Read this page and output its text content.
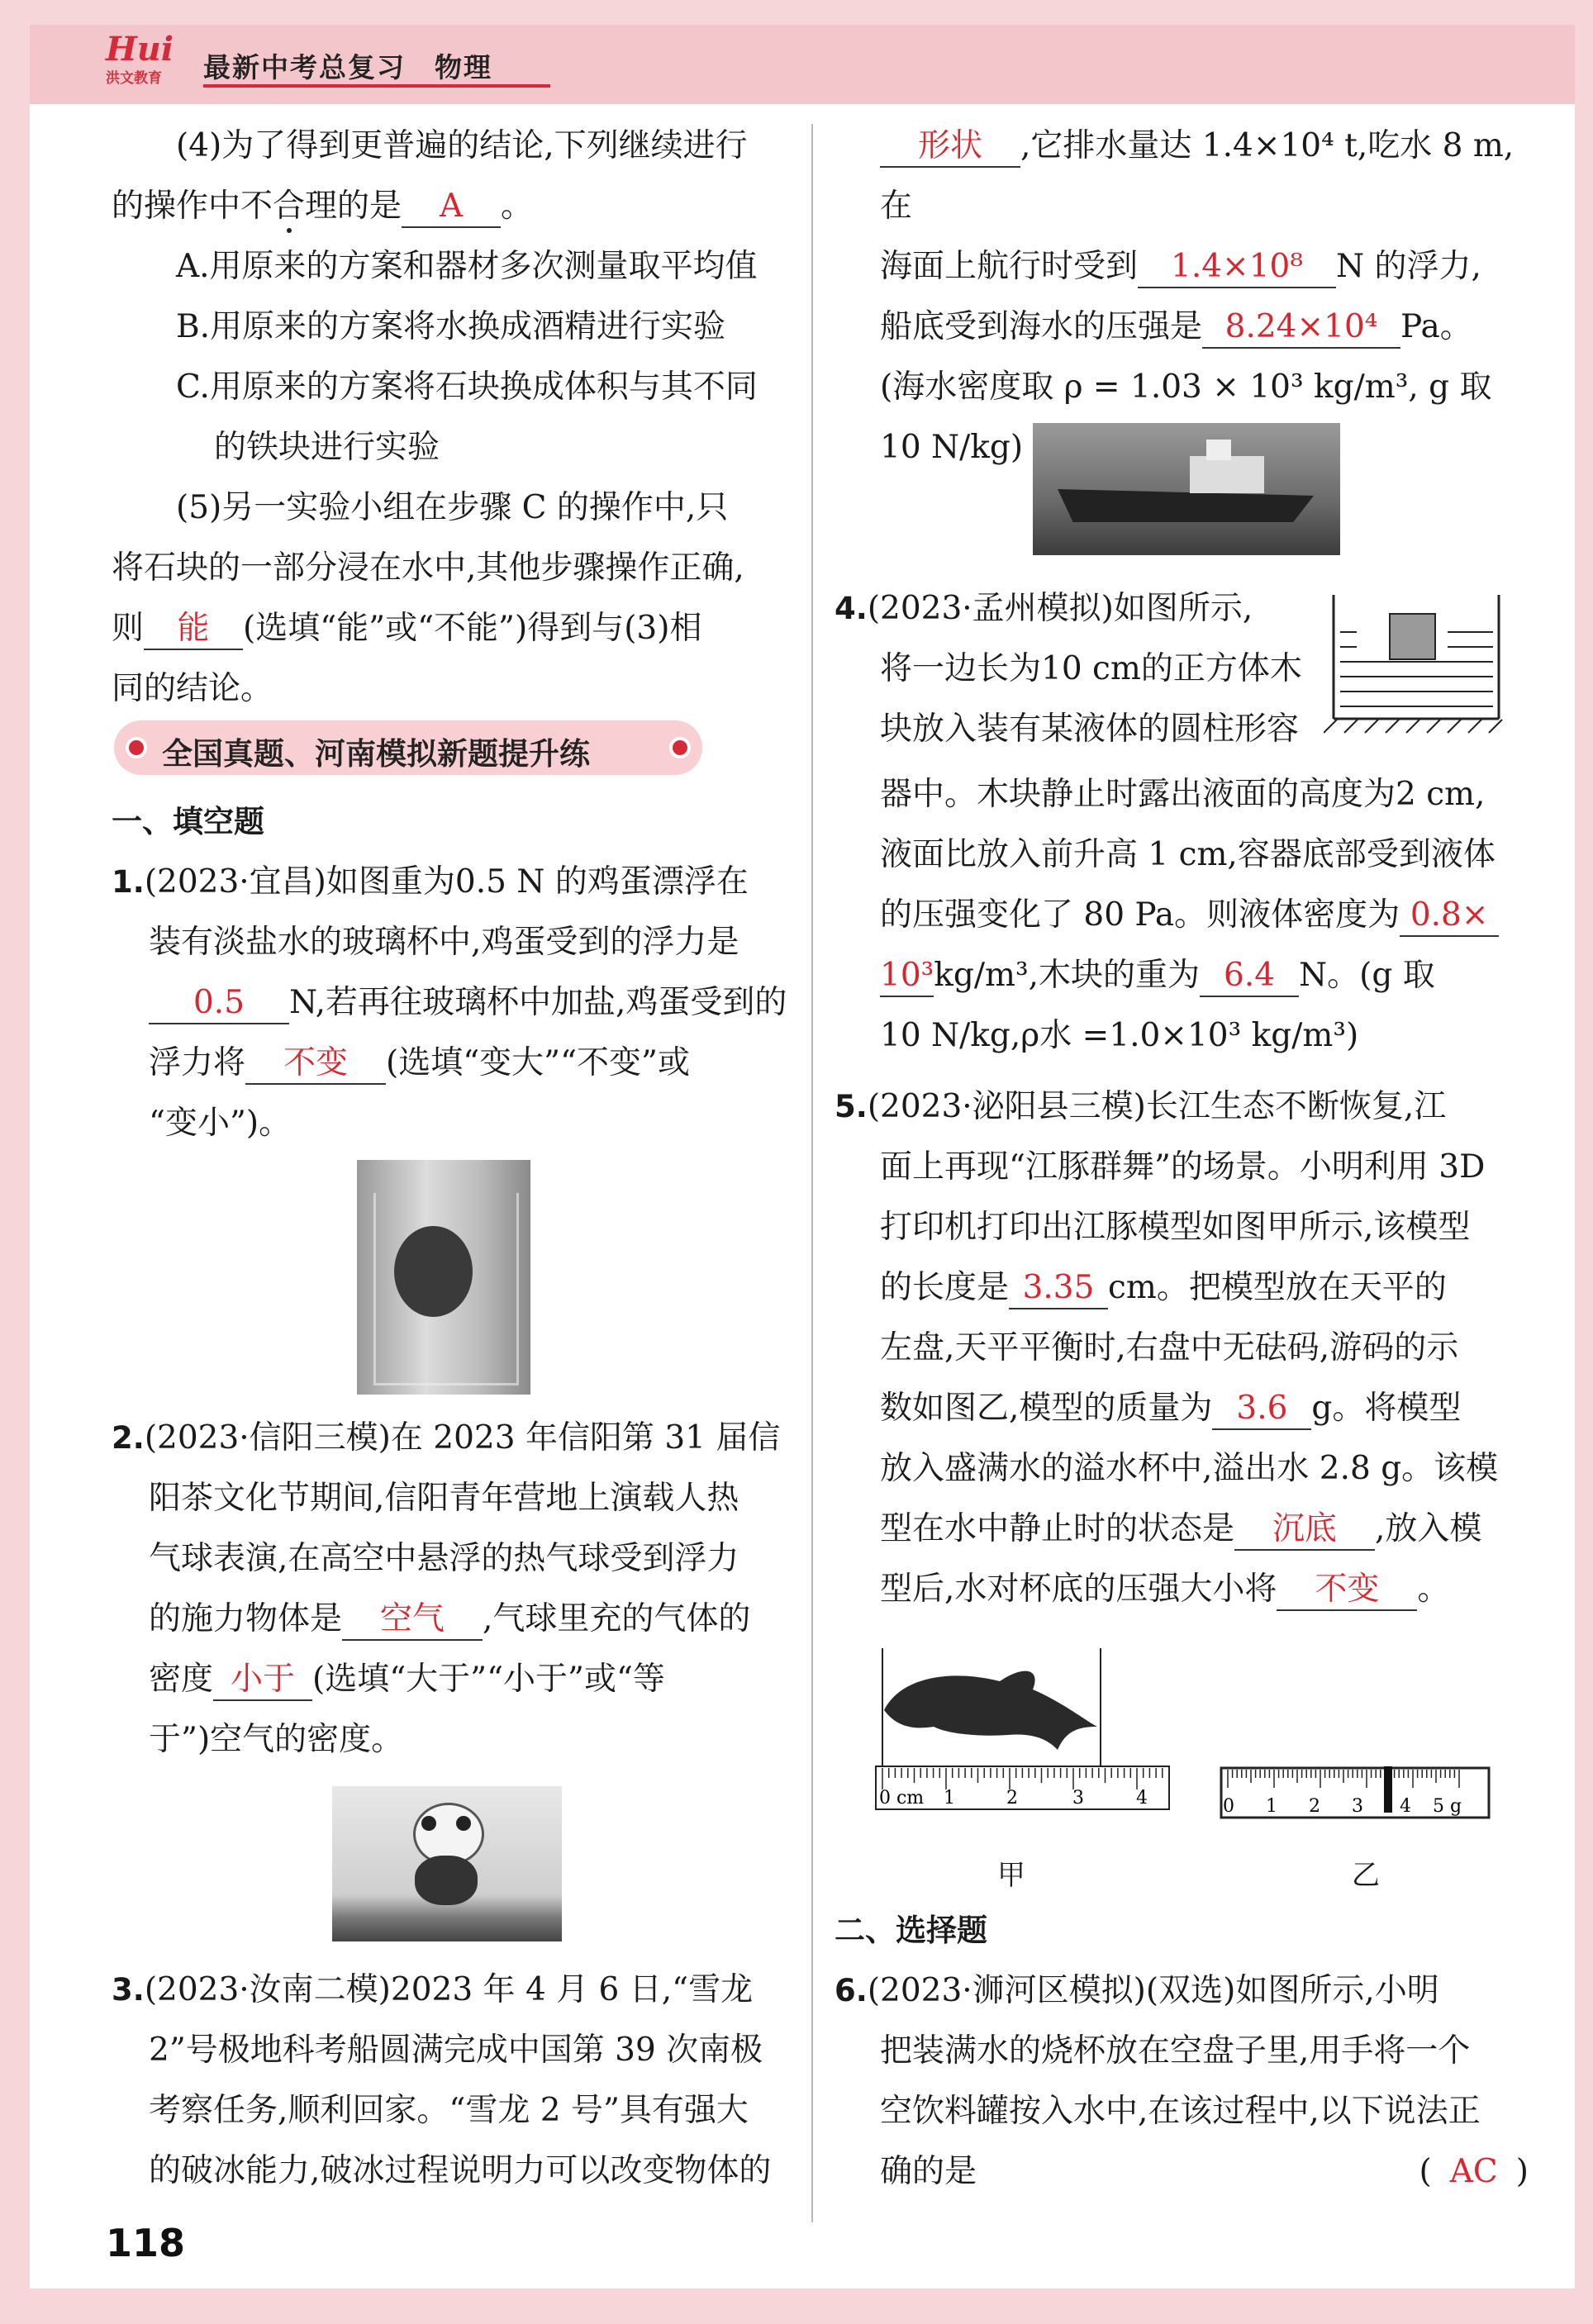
Hui
洪文教育	最新中考总复习　物理

(4)为了得到更普遍的结论,下列继续进行

的操作中不合理的是 A 。

A.用原来的方案和器材多次测量取平均值

B.用原来的方案将水换成酒精进行实验

C.用原来的方案将石块换成体积与其不同

的铁块进行实验

(5)另一实验小组在步骤 C 的操作中,只

将石块的一部分浸在水中,其他步骤操作正确,

则 能 (选填“能”或“不能”)得到与(3)相

同的结论。

全国真题、河南模拟新题提升练

一、填空题

1.(2023·宜昌)如图重为0.5 N 的鸡蛋漂浮在

装有淡盐水的玻璃杯中,鸡蛋受到的浮力是

0.5 N,若再往玻璃杯中加盐,鸡蛋受到的

浮力将 不变 (选填“变大”“不变”或

“变小”)。

2.(2023·信阳三模)在 2023 年信阳第 31 届信

阳茶文化节期间,信阳青年营地上演载人热

气球表演,在高空中悬浮的热气球受到浮力

的施力物体是 空气 ,气球里充的气体的

密度 小于 (选填“大于”“小于”或“等

于”)空气的密度。

3.(2023·汝南二模)2023 年 4 月 6 日,“雪龙

2”号极地科考船圆满完成中国第 39 次南极

考察任务,顺利回家。“雪龙 2 号”具有强大

的破冰能力,破冰过程说明力可以改变物体的

118

形状 ,它排水量达 1.4×10⁴ t,吃水 8 m,在

海面上航行时受到 1.4×10⁸ N 的浮力,

船底受到海水的压强是 8.24×10⁴ Pa。

(海水密度取 ρ = 1.03 × 10³ kg/m³, g 取

10 N/kg)

4.(2023·孟州模拟)如图所示,

将一边长为10 cm的正方体木

块放入装有某液体的圆柱形容

器中。木块静止时露出液面的高度为2 cm,

液面比放入前升高 1 cm,容器底部受到液体

的压强变化了 80 Pa。则液体密度为 0.8×

10³kg/m³,木块的重为 6.4 N。(g 取

10 N/kg,ρ水 =1.0×10³ kg/m³)

5.(2023·泌阳县三模)长江生态不断恢复,江

面上再现“江豚群舞”的场景。小明利用 3D

打印机打印出江豚模型如图甲所示,该模型

的长度是 3.35 cm。把模型放在天平的

左盘,天平平衡时,右盘中无砝码,游码的示

数如图乙,模型的质量为 3.6 g。将模型

放入盛满水的溢水杯中,溢出水 2.8 g。该模

型在水中静止时的状态是 沉底 ,放入模

型后,水对杯底的压强大小将 不变 。

0 cm 1	2	3	4
甲
0 1 2 3 4 5 g
乙

二、选择题

6.(2023·浉河区模拟)(双选)如图所示,小明

把装满水的烧杯放在空盘子里,用手将一个

空饮料罐按入水中,在该过程中,以下说法正

确的是	( AC )
